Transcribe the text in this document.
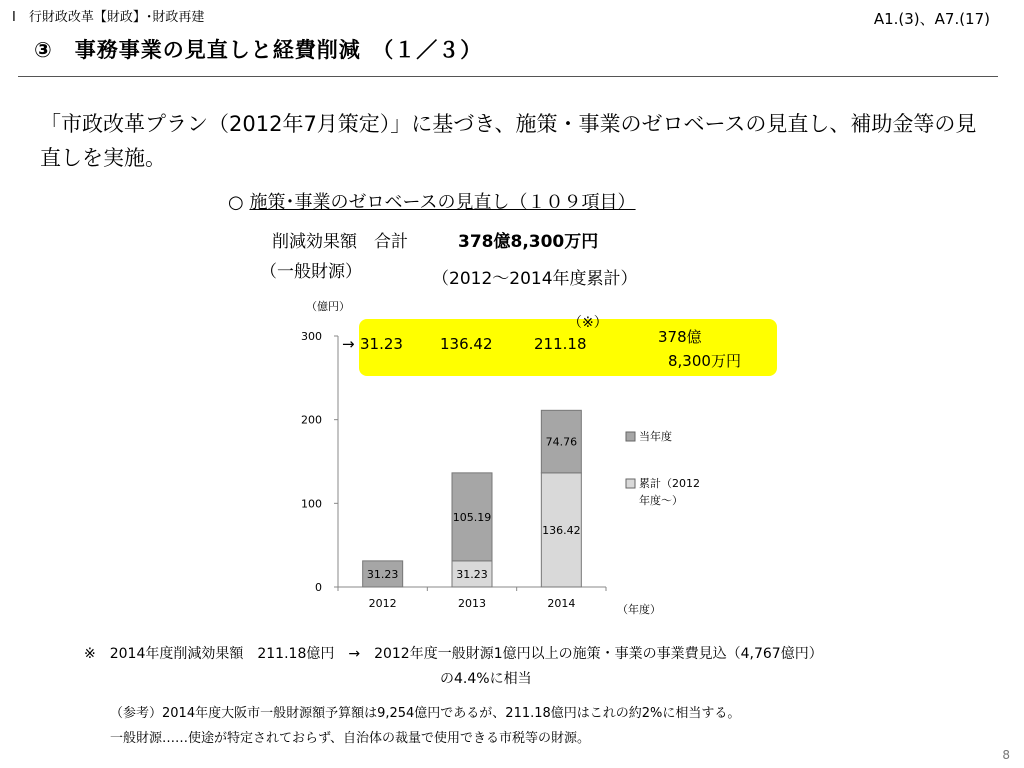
Ⅰ　行財政改革【財政】･財政再建	A1.(3)、A7.(17)
③　事務事業の見直しと経費削減　（１／３）
「市政改革プラン（2012年7月策定）」に基づき、施策・事業のゼロベースの見直し、補助金等の見直しを実施。
○ 施策･事業のゼロベースの見直し（１０９項目）
削減効果額　合計	378億8,300万円
（一般財源）	（2012～2014年度累計）
（億円）
→ 31.23 136.42	211.18
（※）
378億
8,300万円
0
100
200
300
31.23
2012
31.23
105.19
2013
136.42
74.76
2014	（年度）
当年度
累計（2012
年度～）
※　2014年度削減効果額　211.18億円　→　2012年度一般財源1億円以上の施策・事業の事業費見込（4,767億円）
の4.4%に相当
（参考）2014年度大阪市一般財源額予算額は9,254億円であるが、211.18億円はこれの約2%に相当する。
一般財源……使途が特定されておらず、自治体の裁量で使用できる市税等の財源。
8
